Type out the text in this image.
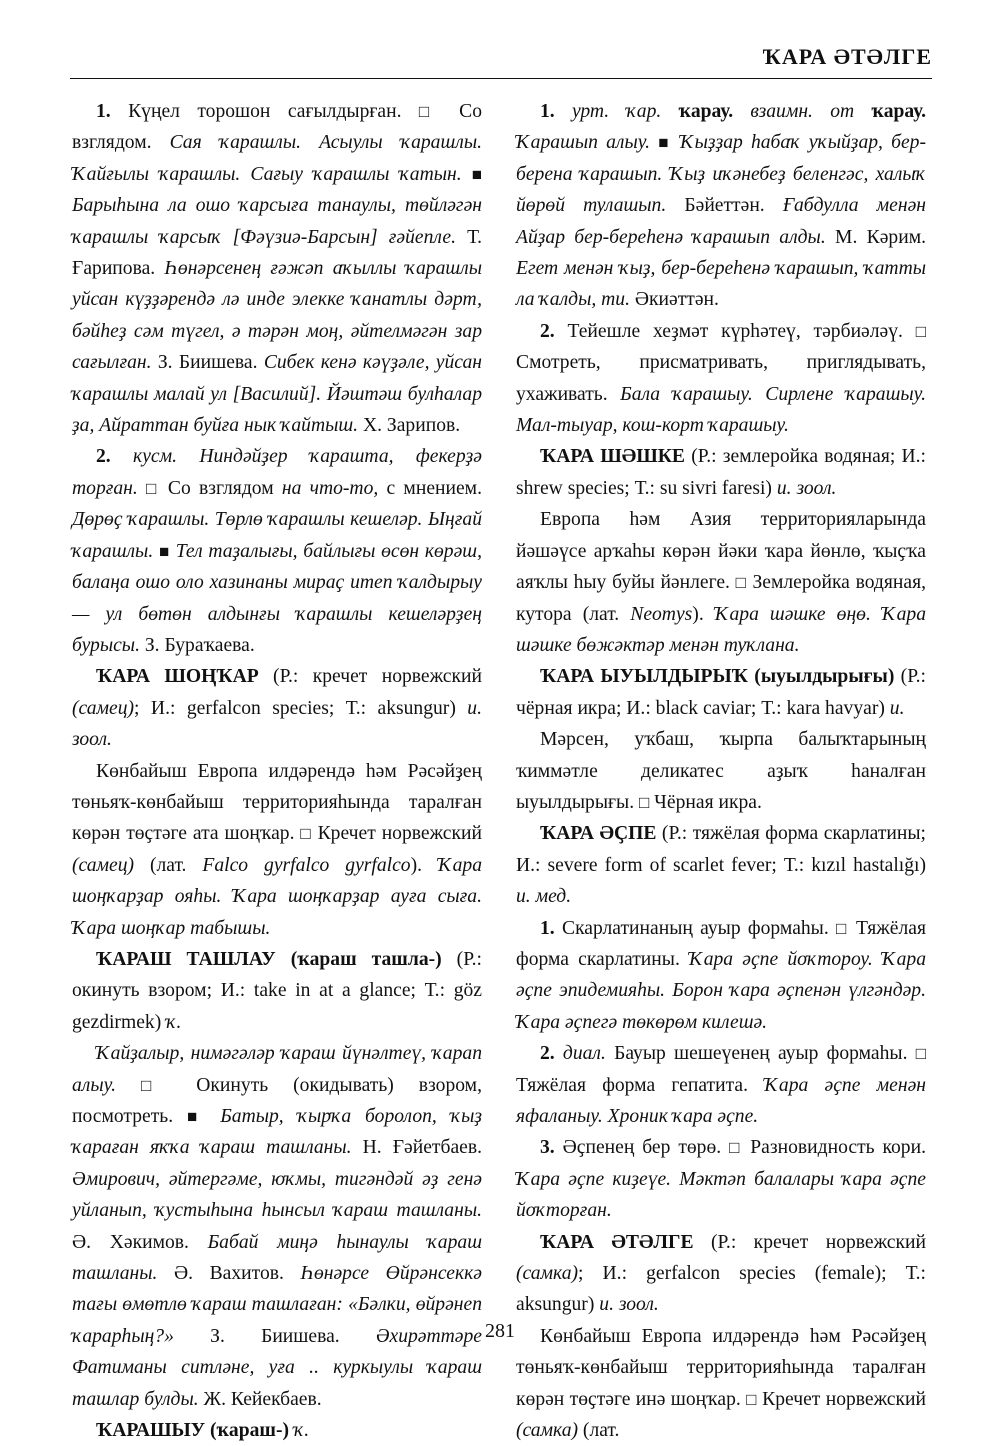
ҠАРА ӘТӘЛГЕ

1. Күңел торошон сағылдырған. □ Со взглядом. Сая ҡарашлы. Асыулы ҡарашлы. Ҡайғылы ҡарашлы. Сағыу ҡарашлы ҡатын. ■ Барыһына ла ошо ҡарсыға танаулы, төйләгән ҡарашлы ҡарсыҡ [Фәүзиә-Барсын] ғәйепле. Т. Ғарипова. Һөнәрсенең ғәжәп аҡыллы ҡарашлы уйсан күҙҙәрендә лә инде элекке ҡанатлы дәрт, бәйһеҙ сәм түгел, ә тәрән моң, әйтелмәгән зар сағылған. З. Биишева. Сибек кенә кәүҙәле, уйсан ҡарашлы малай ул [Василий]. Йәштәш булһалар ҙа, Айраттан буйға нык ҡайтыш. Х. Зарипов.

2. кусм. Ниндәйҙер ҡарашта, фекерҙә торған. □ Со взглядом на что-то, с мнением. Дөрөҫ ҡарашлы. Төрлө ҡарашлы кешеләр. Ыңғай ҡарашлы. ■ Тел таҙалығы, байлығы өсөн көрәш, балаңа ошо оло хазинаны мираҫ итеп ҡалдырыу — ул бөтөн алдынғы ҡарашлы кешеләрҙең бурысы. З. Бураҡаева.

ҠАРА ШОҢҠАР (Р.: кречет норвежский (самец); И.: gerfalcon species; Т.: aksungur) и. зоол.

Көнбайыш Европа илдәрендә һәм Рәсәйҙең төньяҡ-көнбайыш территорияһында таралған көрән төҫтәге ата шоңҡар. □ Кречет норвежский (самец) (лат. Falco gyrfalco gyrfalco). Ҡара шоңҡарҙар ояһы. Ҡара шоңҡарҙар ауға сыға. Ҡара шоңҡар табышы.

ҠАРАШ ТАШЛАУ (ҡараш ташла-) (Р.: окинуть взором; И.: take in at a glance; Т.: göz gezdirmek) ҡ.

Ҡайҙалыр, нимәгәләр ҡараш йүнәлтеү, ҡарап алыу. □ Окинуть (окидывать) взором, посмотреть. ■ Батыр, ҡырҡа боролоп, ҡыҙ ҡараған яҡҡа ҡараш ташланы. Н. Ғәйетбаев. Әмирович, әйтергәме, юҡмы, тигәндәй әҙ генә уйланып, ҡустыһына һынсыл ҡараш ташланы. Ә. Хәкимов. Бабай миңә һынаулы ҡараш ташланы. Ә. Вахитов. Һөнәрсе Өйрәнсеккә тағы өмөтлө ҡараш ташлаған: «Бәлки, өйрәнеп ҡарарһың?» З. Биишева. Әхирәттәре Фатиманы ситләне, уға .. куркыулы ҡараш ташлар булды. Ж. Кейекбаев.

ҠАРАШЫУ (ҡараш-) ҡ.

1. урт. ҡар. ҡарау. взаимн. от ҡарау. Ҡарашып алыу. ■ Ҡыҙҙар һабаҡ уҡыйҙар, бер-берена ҡарашып. Ҡыҙ иҡәнебеҙ беленгәс, халыҡ йөрөй тулашып. Бәйеттән. Ғабдулла менән Айҙар бер-береһенә ҡарашып алды. М. Кәрим. Егет менән ҡыҙ, бер-береһенә ҡарашып, ҡатты ла ҡалды, ти. Әкиәттән.

2. Тейешле хеҙмәт күрһәтеү, тәрбиәләү. □ Смотреть, присматривать, приглядывать, ухаживать. Бала ҡарашыу. Сирлене ҡарашыу. Мал-тыуар, кош-корт ҡарашыу.

ҠАРА ШӘШКЕ (Р.: землеройка водяная; И.: shrew species; Т.: su sivri faresi) и. зоол.

Европа һәм Азия территорияларында йәшәүсе арҡаһы көрән йәки ҡара йөнлө, ҡыҫҡа аяҡлы һыу буйы йәнлеге. □ Землеройка водяная, кутора (лат. Neomys). Ҡара шәшке өңө. Ҡара шәшке бөжәктәр менән туҡлана.

ҠАРА ЫУЫЛДЫРЫҠ (ыуылдырығы) (Р.: чёрная икра; И.: black caviar; Т.: kara havyar) и.

Мәрсен, уҡбаш, ҡырпа балыҡтарының ҡиммәтле деликатес аҙыҡ һаналған ыуылдырығы. □ Чёрная икра.

ҠАРА ӘҪПЕ (Р.: тяжёлая форма скарлатины; И.: severe form of scarlet fever; Т.: kızıl hastalığı) и. мед.

1. Скарлатинаның ауыр формаһы. □ Тяжёлая форма скарлатины. Ҡара әҫпе йоҡтороу. Ҡара әҫпе эпидемияһы. Борон ҡара әҫпенән үлгәндәр. Ҡара әҫпегә төкөрөм килешә.

2. диал. Бауыр шешеүенең ауыр формаһы. □ Тяжёлая форма гепатита. Ҡара әҫпе менән яфаланыу. Хроник ҡара әҫпе.

3. Әҫпенең бер төрө. □ Разновидность кори. Ҡара әҫпе киҙеүе. Мәктәп балалары ҡара әҫпе йоҡторған.

ҠАРА ӘТӘЛГЕ (Р.: кречет норвежский (самка); И.: gerfalcon species (female); Т.: aksungur) и. зоол.

Көнбайыш Европа илдәрендә һәм Рәсәйҙең төньяҡ-көнбайыш территорияһында таралған көрән төҫтәге инә шоңҡар. □ Кречет норвежский (самка) (лат.

281
